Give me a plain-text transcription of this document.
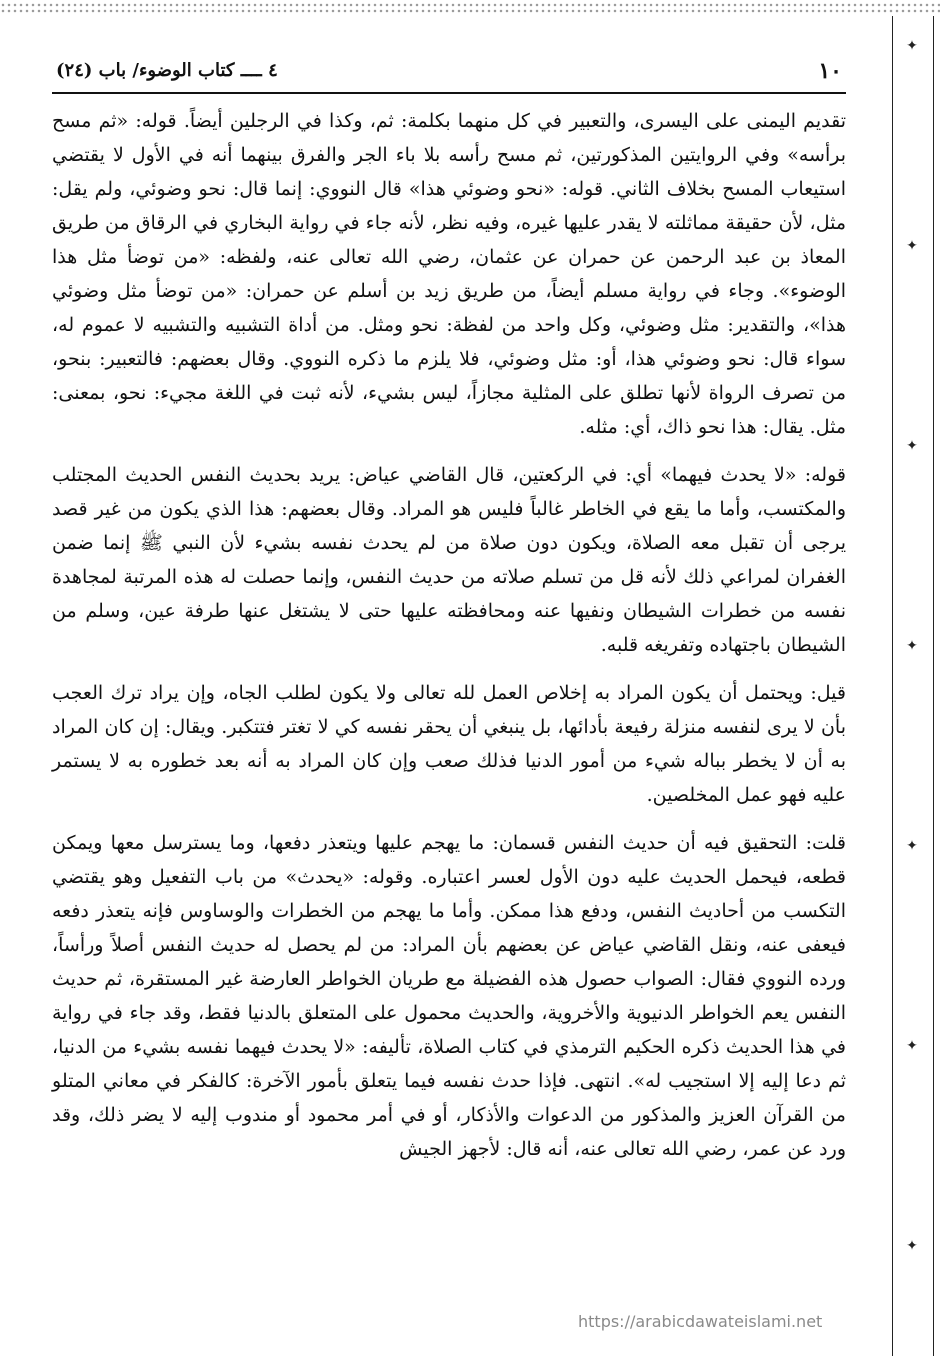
✦
✦
✦
✦
✦
✦
✦
١٠
٤ ــــ كتاب الوضوء/ باب (٢٤)

تقديم اليمنى على اليسرى، والتعبير في كل منهما بكلمة: ثم، وكذا في الرجلين أيضاً. قوله: «ثم مسح برأسه» وفي الروايتين المذكورتين، ثم مسح رأسه بلا باء الجر والفرق بينهما أنه في الأول لا يقتضي استيعاب المسح بخلاف الثاني. قوله: «نحو وضوئي هذا» قال النووي: إنما قال: نحو وضوئي، ولم يقل: مثل، لأن حقيقة مماثلته لا يقدر عليها غيره، وفيه نظر، لأنه جاء في رواية البخاري في الرقاق من طريق المعاذ بن عبد الرحمن عن حمران عن عثمان، رضي الله تعالى عنه، ولفظه: «من توضأ مثل هذا الوضوء». وجاء في رواية مسلم أيضاً، من طريق زيد بن أسلم عن حمران: «من توضأ مثل وضوئي هذا»، والتقدير: مثل وضوئي، وكل واحد من لفظة: نحو ومثل. من أداة التشبيه والتشبيه لا عموم له، سواء قال: نحو وضوئي هذا، أو: مثل وضوئي، فلا يلزم ما ذكره النووي. وقال بعضهم: فالتعبير: بنحو، من تصرف الرواة لأنها تطلق على المثلية مجازاً، ليس بشيء، لأنه ثبت في اللغة مجيء: نحو، بمعنى: مثل. يقال: هذا نحو ذاك، أي: مثله.

قوله: «لا يحدث فيهما» أي: في الركعتين، قال القاضي عياض: يريد بحديث النفس الحديث المجتلب والمكتسب، وأما ما يقع في الخاطر غالباً فليس هو المراد. وقال بعضهم: هذا الذي يكون من غير قصد يرجى أن تقبل معه الصلاة، ويكون دون صلاة من لم يحدث نفسه بشيء لأن النبي ﷺ إنما ضمن الغفران لمراعي ذلك لأنه قل من تسلم صلاته من حديث النفس، وإنما حصلت له هذه المرتبة لمجاهدة نفسه من خطرات الشيطان ونفيها عنه ومحافظته عليها حتى لا يشتغل عنها طرفة عين، وسلم من الشيطان باجتهاده وتفريغه قلبه.

قيل: ويحتمل أن يكون المراد به إخلاص العمل لله تعالى ولا يكون لطلب الجاه، وإن يراد ترك العجب بأن لا يرى لنفسه منزلة رفيعة بأدائها، بل ينبغي أن يحقر نفسه كي لا تغتر فتتكبر. ويقال: إن كان المراد به أن لا يخطر بباله شيء من أمور الدنيا فذلك صعب وإن كان المراد به أنه بعد خطوره به لا يستمر عليه فهو عمل المخلصين.

قلت: التحقيق فيه أن حديث النفس قسمان: ما يهجم عليها ويتعذر دفعها، وما يسترسل معها ويمكن قطعه، فيحمل الحديث عليه دون الأول لعسر اعتباره. وقوله: «يحدث» من باب التفعيل وهو يقتضي التكسب من أحاديث النفس، ودفع هذا ممكن. وأما ما يهجم من الخطرات والوساوس فإنه يتعذر دفعه فيعفى عنه، ونقل القاضي عياض عن بعضهم بأن المراد: من لم يحصل له حديث النفس أصلاً ورأساً، ورده النووي فقال: الصواب حصول هذه الفضيلة مع طريان الخواطر العارضة غير المستقرة، ثم حديث النفس يعم الخواطر الدنيوية والأخروية، والحديث محمول على المتعلق بالدنيا فقط، وقد جاء في رواية في هذا الحديث ذكره الحكيم الترمذي في كتاب الصلاة، تأليفه: «لا يحدث فيهما نفسه بشيء من الدنيا، ثم دعا إليه إلا استجيب له». انتهى. فإذا حدث نفسه فيما يتعلق بأمور الآخرة: كالفكر في معاني المتلو من القرآن العزيز والمذكور من الدعوات والأذكار، أو في أمر محمود أو مندوب إليه لا يضر ذلك، وقد ورد عن عمر، رضي الله تعالى عنه، أنه قال: لأجهز الجيش

https://arabicdawateislami.net
